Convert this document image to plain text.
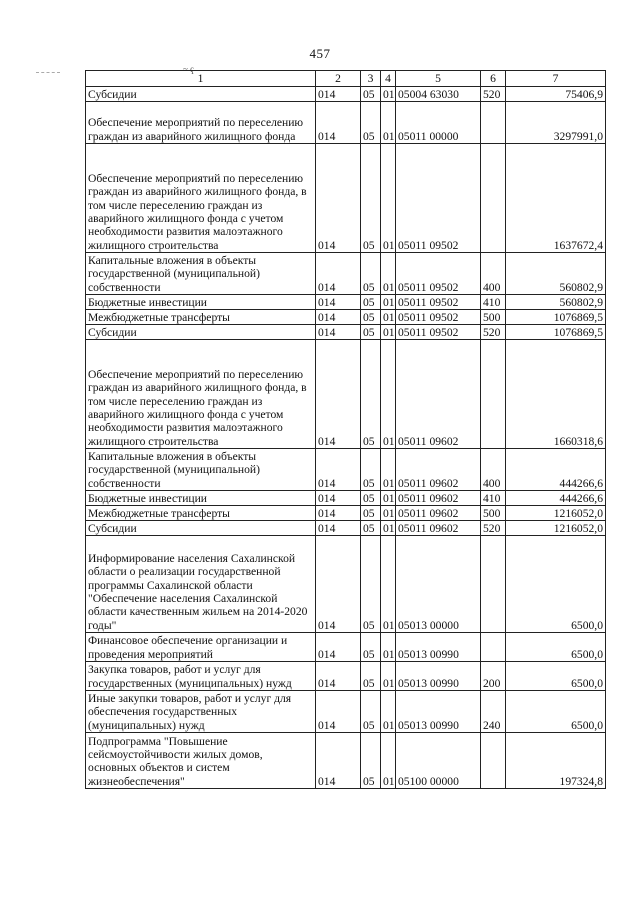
457
~ ҁ
1	2	3	4	5	6	7
Субсидии	014	05	01	05004 63030	520	75406,9
Обеспечение мероприятий по переселению граждан из аварийного жилищного фонда	014	05	01	05011 00000		3297991,0
Обеспечение мероприятий по переселению граждан из аварийного жилищного фонда, в том числе переселению граждан из аварийного жилищного фонда с учетом необходимости развития малоэтажного жилищного строительства	014	05	01	05011 09502		1637672,4
Капитальные вложения в объекты государственной (муниципальной) собственности	014	05	01	05011 09502	400	560802,9
Бюджетные инвестиции	014	05	01	05011 09502	410	560802,9
Межбюджетные трансферты	014	05	01	05011 09502	500	1076869,5
Субсидии	014	05	01	05011 09502	520	1076869,5
Обеспечение мероприятий по переселению граждан из аварийного жилищного фонда, в том числе переселению граждан из аварийного жилищного фонда с учетом необходимости развития малоэтажного жилищного строительства	014	05	01	05011 09602		1660318,6
Капитальные вложения в объекты государственной (муниципальной) собственности	014	05	01	05011 09602	400	444266,6
Бюджетные инвестиции	014	05	01	05011 09602	410	444266,6
Межбюджетные трансферты	014	05	01	05011 09602	500	1216052,0
Субсидии	014	05	01	05011 09602	520	1216052,0
Информирование населения Сахалинской области о реализации государственной программы Сахалинской области "Обеспечение населения Сахалинской области качественным жильем на 2014-2020 годы"	014	05	01	05013 00000		6500,0
Финансовое обеспечение организации и проведения мероприятий	014	05	01	05013 00990		6500,0
Закупка товаров, работ и услуг для государственных (муниципальных) нужд	014	05	01	05013 00990	200	6500,0
Иные закупки товаров, работ и услуг для обеспечения государственных (муниципальных) нужд	014	05	01	05013 00990	240	6500,0
Подпрограмма "Повышение сейсмоустойчивости жилых домов, основных объектов и систем жизнеобеспечения"	014	05	01	05100 00000		197324,8
